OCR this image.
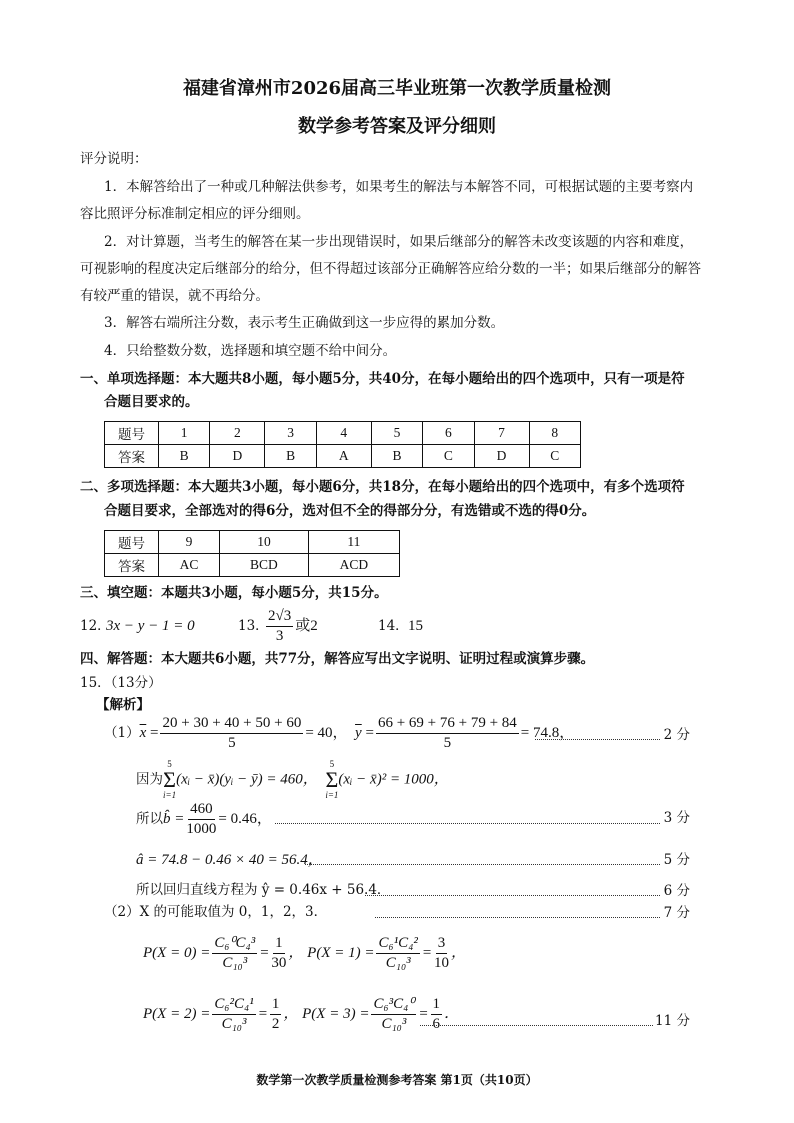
福建省漳州市2026届高三毕业班第一次教学质量检测
数学参考答案及评分细则
评分说明：
1．本解答给出了一种或几种解法供参考，如果考生的解法与本解答不同，可根据试题的主要考察内
容比照评分标准制定相应的评分细则。
2．对计算题，当考生的解答在某一步出现错误时，如果后继部分的解答未改变该题的内容和难度，
可视影响的程度决定后继部分的给分，但不得超过该部分正确解答应给分数的一半；如果后继部分的解答
有较严重的错误，就不再给分。
3．解答右端所注分数，表示考生正确做到这一步应得的累加分数。
4．只给整数分数，选择题和填空题不给中间分。
一、单项选择题：本大题共8小题，每小题5分，共40分，在每小题给出的四个选项中，只有一项是符
合题目要求的。
题号	1	2	3	4	5	6	7	8
答案	B	D	B	A	B	C	D	C
二、多项选择题：本大题共3小题，每小题6分，共18分，在每小题给出的四个选项中，有多个选项符
合题目要求，全部选对的得6分，选对但不全的得部分分，有选错或不选的得0分。
题号	9	10	11
答案	AC	BCD	ACD
三、填空题：本题共3小题，每小题5分，共15分。
12．
3x − y − 1 = 0	13．
$\frac{2√3}{3}$ 或2	14． 15
四、解答题：本大题共6小题，共77分，解答应写出文字说明、证明过程或演算步骤。
15．（13分）
【解析】
$(1)\overline{x} = \frac{20 + 30 + 40 + 50 + 60}{5} = 40$， $\overline{y} = \frac{66 + 69 + 76 + 79 + 84}{5} = 74.8$，	2 分
因为
5
Σ
i=1
(xᵢ − x̄)(yᵢ − ȳ) = 460，
5
Σ
i=1
(xᵢ − x̄)² = 1000，
所以b̂ = $\frac{460}{1000} = 0.46$，	3 分
â = 74.8 − 0.46 × 40 = 56.4，	5 分
所以回归直线方程为 ŷ = 0.46x + 56.4．	6 分
（2）X 的可能取值为 0，1，2，3．	7 分
$P(X = 0) = \frac{\text{C₆⁰C₄³}}{\text{C₁₀³}} = \frac{1}{30}$ ， $P(X = 1) = \frac{\text{C₆¹C₄²}}{\text{C₁₀³}} = \frac{3}{10}$ ，
$P(X = 2) = \frac{\text{C₆²C₄¹}}{\text{C₁₀³}} = \frac{1}{2}$ ， $P(X = 3) = \frac{\text{C₆³C₄⁰}}{\text{C₁₀³}} = \frac{1}{6}$ ．	11 分
数学第一次教学质量检测参考答案 第1页（共10页）
